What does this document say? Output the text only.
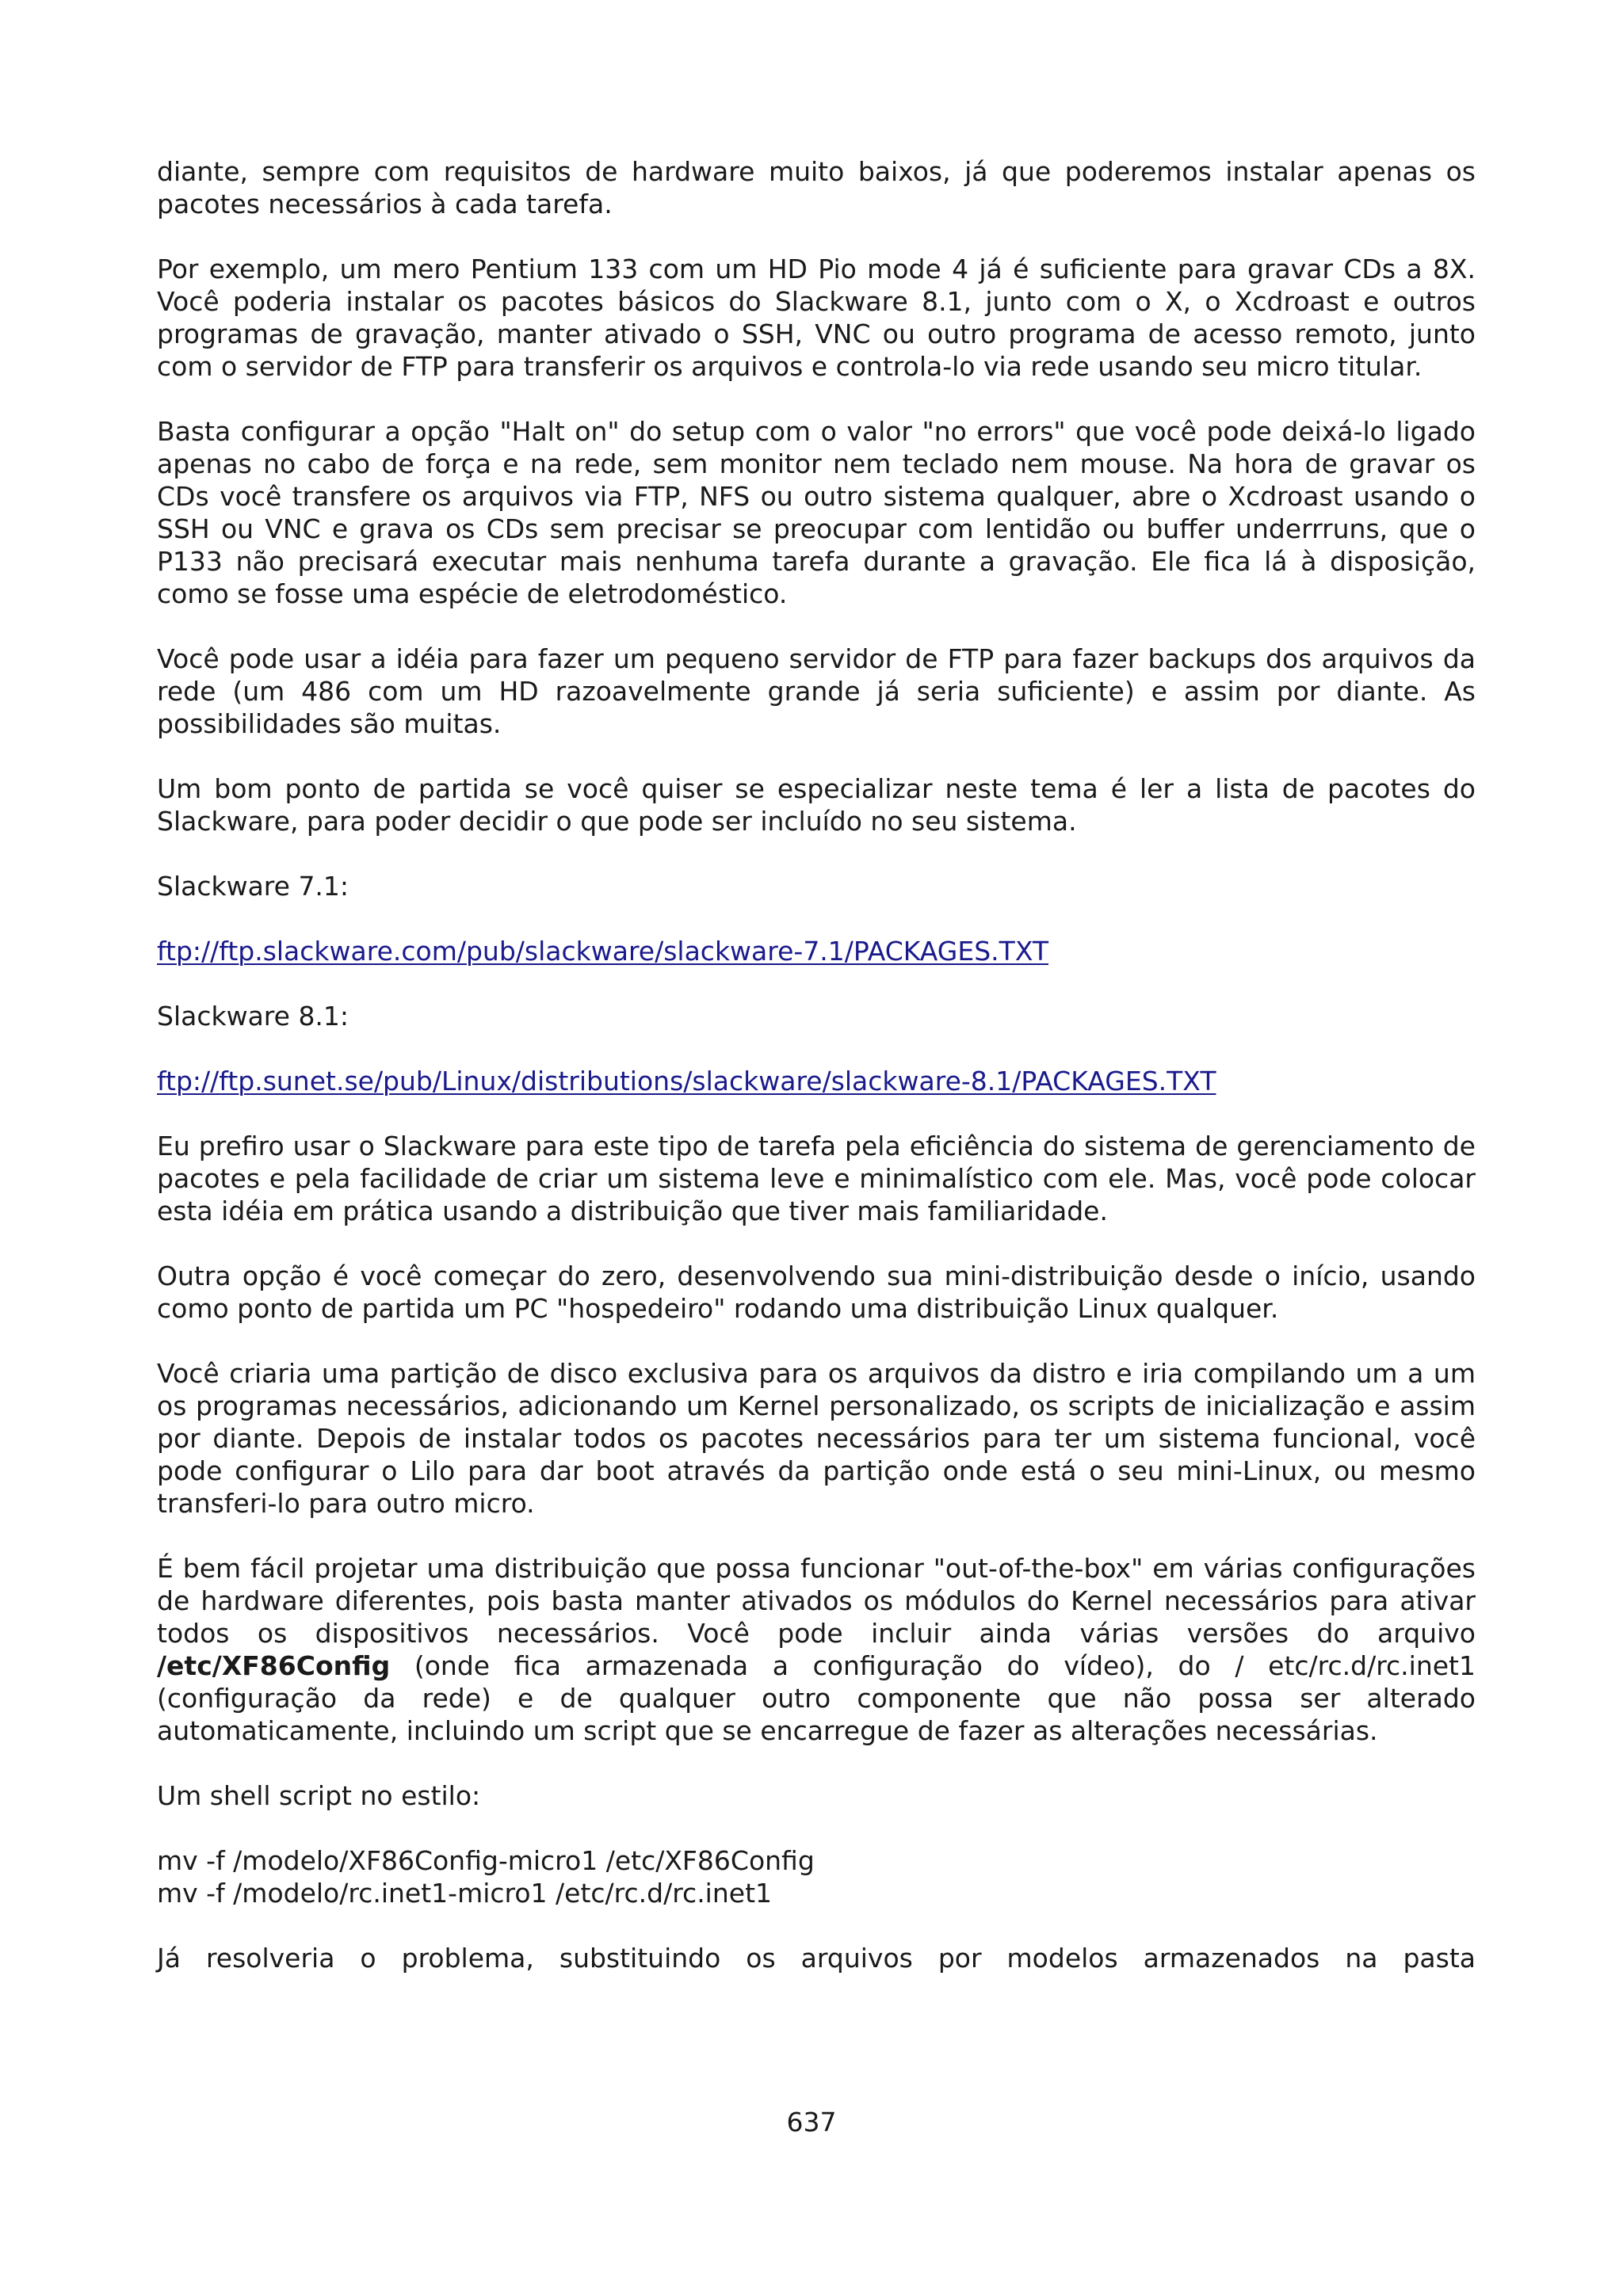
diante, sempre com requisitos de hardware muito baixos, já que poderemos instalar apenas os pacotes necessários à cada tarefa.

Por exemplo, um mero Pentium 133 com um HD Pio mode 4 já é suficiente para gravar CDs a 8X. Você poderia instalar os pacotes básicos do Slackware 8.1, junto com o X, o Xcdroast e outros programas de gravação, manter ativado o SSH, VNC ou outro programa de acesso remoto, junto com o servidor de FTP para transferir os arquivos e controla-lo via rede usando seu micro titular.

Basta configurar a opção "Halt on" do setup com o valor "no errors" que você pode deixá-lo ligado apenas no cabo de força e na rede, sem monitor nem teclado nem mouse. Na hora de gravar os CDs você transfere os arquivos via FTP, NFS ou outro sistema qualquer, abre o Xcdroast usando o SSH ou VNC e grava os CDs sem precisar se preocupar com lentidão ou buffer underrruns, que o P133 não precisará executar mais nenhuma tarefa durante a gravação. Ele fica lá à disposição, como se fosse uma espécie de eletrodoméstico.

Você pode usar a idéia para fazer um pequeno servidor de FTP para fazer backups dos arquivos da rede (um 486 com um HD razoavelmente grande já seria suficiente) e assim por diante. As possibilidades são muitas.

Um bom ponto de partida se você quiser se especializar neste tema é ler a lista de pacotes do Slackware, para poder decidir o que pode ser incluído no seu sistema.

Slackware 7.1:

ftp://ftp.slackware.com/pub/slackware/slackware-7.1/PACKAGES.TXT

Slackware 8.1:

ftp://ftp.sunet.se/pub/Linux/distributions/slackware/slackware-8.1/PACKAGES.TXT

Eu prefiro usar o Slackware para este tipo de tarefa pela eficiência do sistema de gerenciamento de pacotes e pela facilidade de criar um sistema leve e minimalístico com ele. Mas, você pode colocar esta idéia em prática usando a distribuição que tiver mais familiaridade.

Outra opção é você começar do zero, desenvolvendo sua mini-distribuição desde o início, usando como ponto de partida um PC "hospedeiro" rodando uma distribuição Linux qualquer.

Você criaria uma partição de disco exclusiva para os arquivos da distro e iria compilando um a um os programas necessários, adicionando um Kernel personalizado, os scripts de inicialização e assim por diante. Depois de instalar todos os pacotes necessários para ter um sistema funcional, você pode configurar o Lilo para dar boot através da partição onde está o seu mini-Linux, ou mesmo transferi-lo para outro micro.

É bem fácil projetar uma distribuição que possa funcionar "out-of-the-box" em várias configurações de hardware diferentes, pois basta manter ativados os módulos do Kernel necessários para ativar todos os dispositivos necessários. Você pode incluir ainda várias versões do arquivo /etc/XF86Config (onde fica armazenada a configuração do vídeo), do / etc/rc.d/rc.inet1 (configuração da rede) e de qualquer outro componente que não possa ser alterado automaticamente, incluindo um script que se encarregue de fazer as alterações necessárias.

Um shell script no estilo:

mv -f /modelo/XF86Config-micro1 /etc/XF86Config

mv -f /modelo/rc.inet1-micro1 /etc/rc.d/rc.inet1

Já resolveria o problema, substituindo os arquivos por modelos armazenados na pasta

637
